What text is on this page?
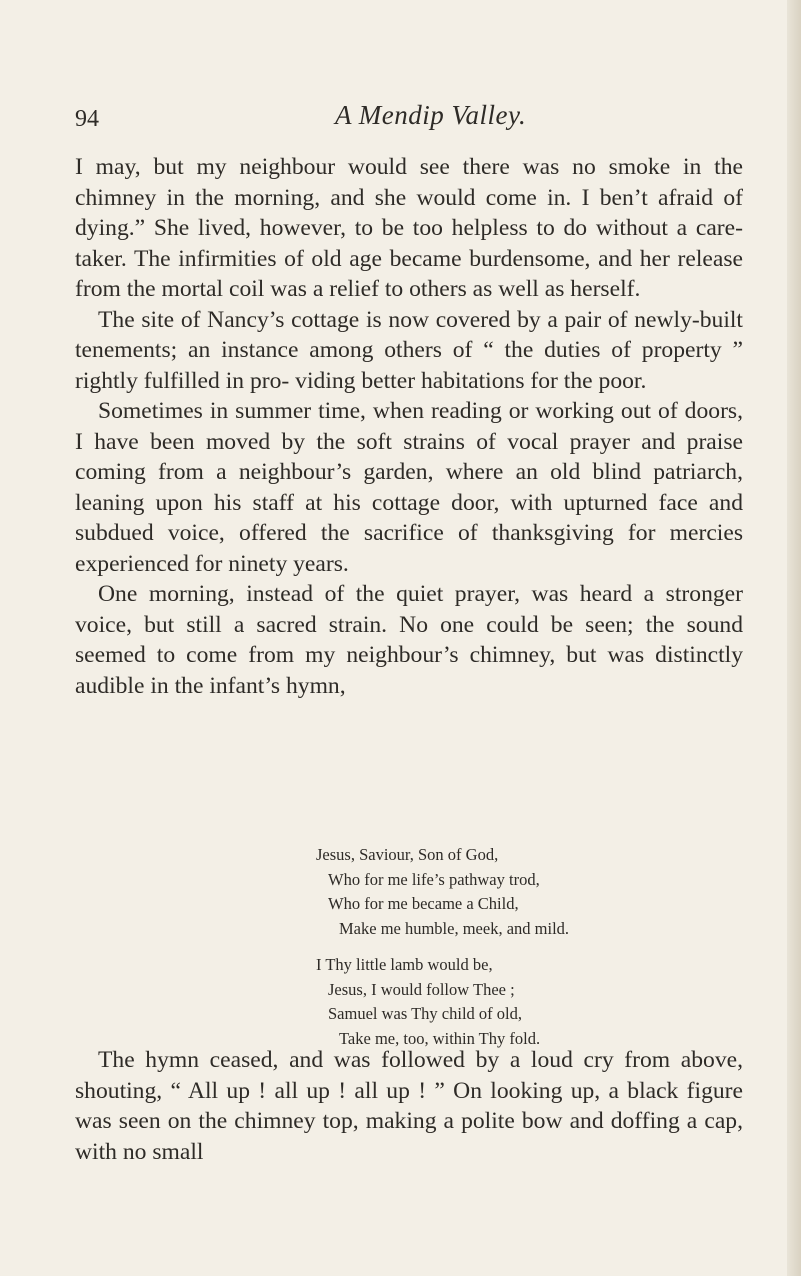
94	A Mendip Valley.

I may, but my neighbour would see there was no smoke in the chimney in the morning, and she would come in. I ben’t afraid of dying.” She lived, however, to be too helpless to do without a care-taker. The infirmities of old age became burdensome, and her release from the mortal coil was a relief to others as well as herself.

The site of Nancy’s cottage is now covered by a pair of newly-built tenements; an instance among others of “ the duties of property ” rightly fulfilled in pro- viding better habitations for the poor.

Sometimes in summer time, when reading or working out of doors, I have been moved by the soft strains of vocal prayer and praise coming from a neighbour’s garden, where an old blind patriarch, leaning upon his staff at his cottage door, with upturned face and subdued voice, offered the sacrifice of thanksgiving for mercies experienced for ninety years.

One morning, instead of the quiet prayer, was heard a stronger voice, but still a sacred strain. No one could be seen; the sound seemed to come from my neighbour’s chimney, but was distinctly audible in the infant’s hymn,

Jesus, Saviour, Son of God,
Who for me life’s pathway trod,
Who for me became a Child,
Make me humble, meek, and mild.
I Thy little lamb would be,
Jesus, I would follow Thee ;
Samuel was Thy child of old,
Take me, too, within Thy fold.

The hymn ceased, and was followed by a loud cry from above, shouting, “ All up ! all up ! all up ! ” On looking up, a black figure was seen on the chimney top, making a polite bow and doffing a cap, with no small
